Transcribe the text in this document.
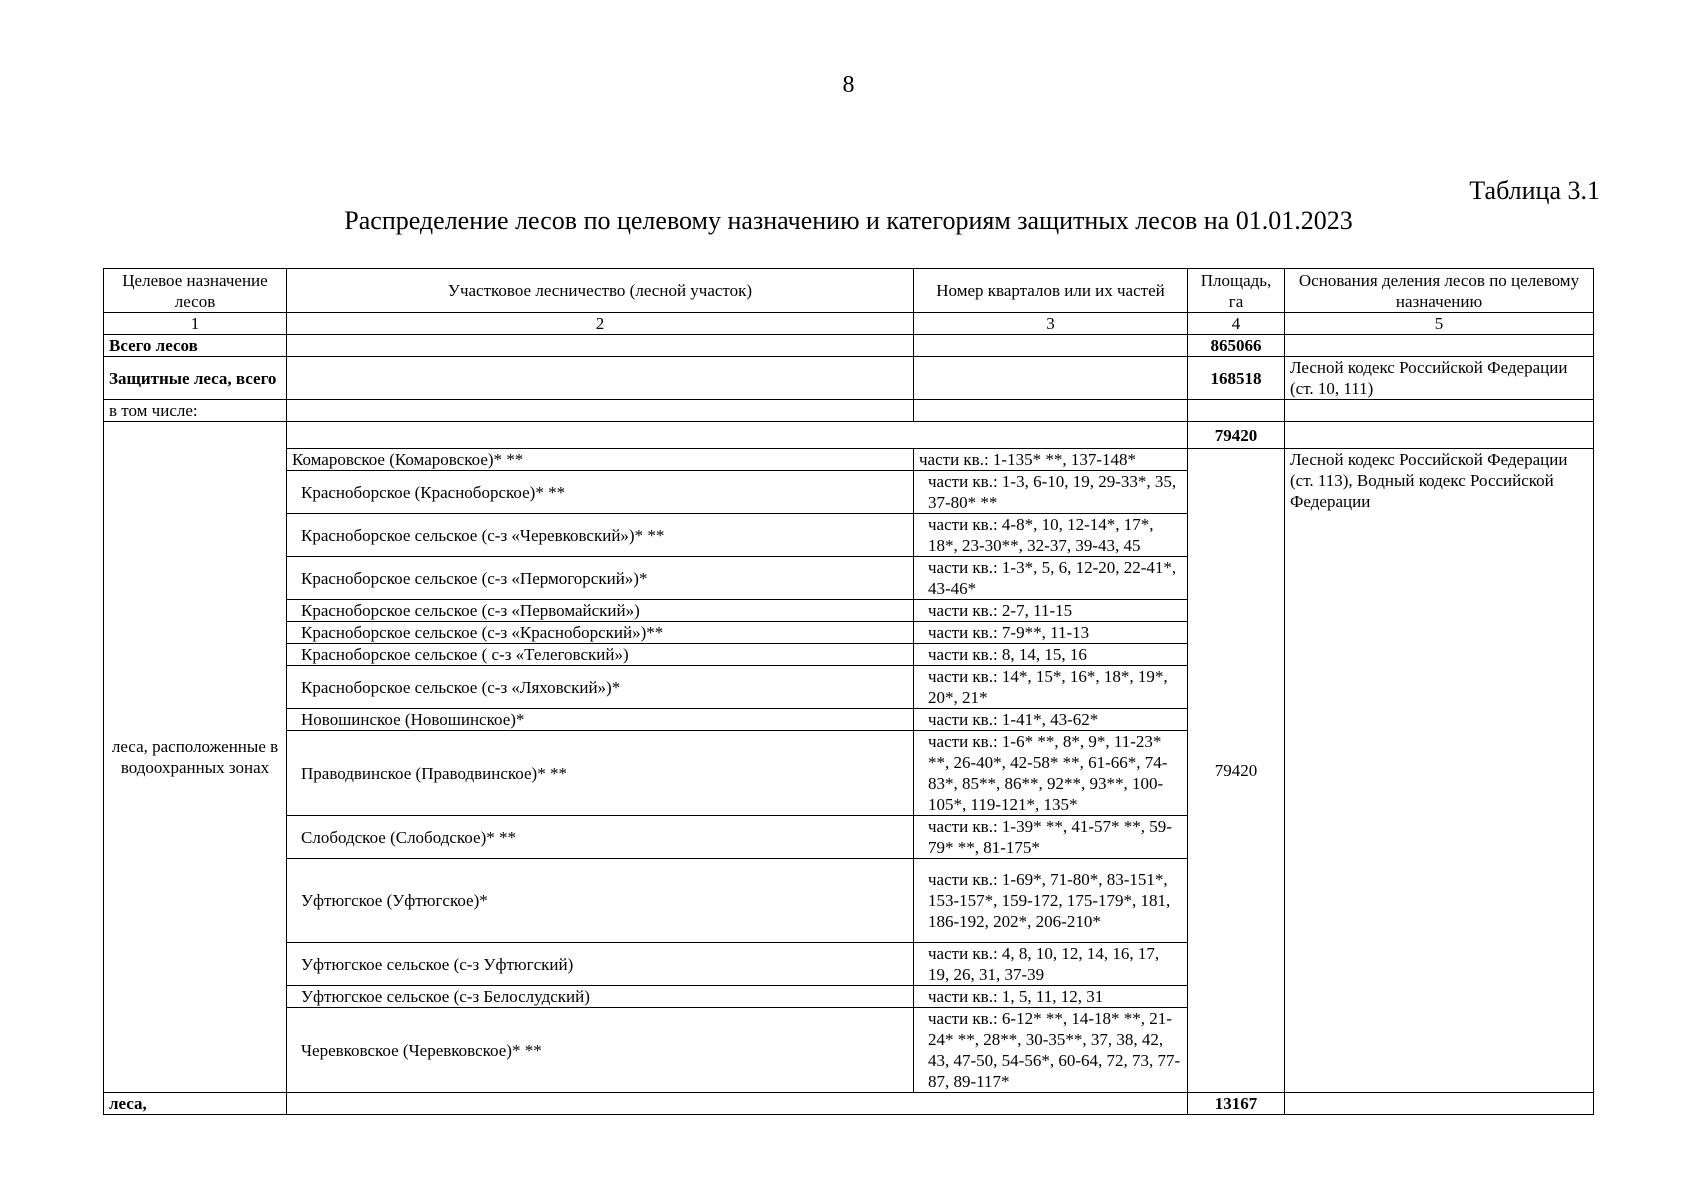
8
Таблица 3.1
Распределение лесов по целевому назначению и категориям защитных лесов на 01.01.2023
Целевое назначение лесов	Участковое лесничество (лесной участок)	Номер кварталов или их частей	Площадь, га	Основания деления лесов по целевому назначению
1	2	3	4	5
Всего лесов			865066	
Защитные леса, всего			168518	Лесной кодекс Российской Федерации (ст. 10, 111)
в том числе:				
леса, расположенные в водоохранных зонах			79420	
	Комаровское (Комаровское)* **	части кв.: 1-135* **, 137-148*	79420	Лесной кодекс Российской Федерации (ст. 113), Водный кодекс Российской Федерации
	Красноборское (Красноборское)* **	части кв.: 1-3, 6-10, 19, 29-33*, 35, 37-80* **		
	Красноборское сельское (с-з «Черевковский»)* **	части кв.: 4-8*, 10, 12-14*, 17*, 18*, 23-30**, 32-37, 39-43, 45		
	Красноборское сельское (с-з «Пермогорский»)*	части кв.: 1-3*, 5, 6, 12-20, 22-41*, 43-46*		
	Красноборское сельское (с-з «Первомайский»)	части кв.: 2-7, 11-15		
	Красноборское сельское (с-з «Красноборский»)**	части кв.: 7-9**, 11-13		
	Красноборское сельское ( с-з «Телеговский»)	части кв.: 8, 14, 15, 16		
	Красноборское сельское (с-з «Ляховский»)*	части кв.: 14*, 15*, 16*, 18*, 19*, 20*, 21*		
	Новошинское (Новошинское)*	части кв.: 1-41*, 43-62*		
	Праводвинское (Праводвинское)* **	части кв.: 1-6* **, 8*, 9*, 11-23* **, 26-40*, 42-58* **, 61-66*, 74-83*, 85**, 86**, 92**, 93**, 100-105*, 119-121*, 135*		
	Слободское (Слободское)* **	части кв.: 1-39* **, 41-57* **, 59-79* **, 81-175*		
	Уфтюгское (Уфтюгское)*	части кв.: 1-69*, 71-80*, 83-151*, 153-157*, 159-172, 175-179*, 181, 186-192, 202*, 206-210*		
	Уфтюгское сельское (с-з Уфтюгский)	части кв.: 4, 8, 10, 12, 14, 16, 17, 19, 26, 31, 37-39		
	Уфтюгское сельское (с-з Белослудский)	части кв.: 1, 5, 11, 12, 31		
	Черевковское (Черевковское)* **	части кв.: 6-12* **, 14-18* **, 21-24* **, 28**, 30-35**, 37, 38, 42, 43, 47-50, 54-56*, 60-64, 72, 73, 77-87, 89-117*		
леса,			13167	
